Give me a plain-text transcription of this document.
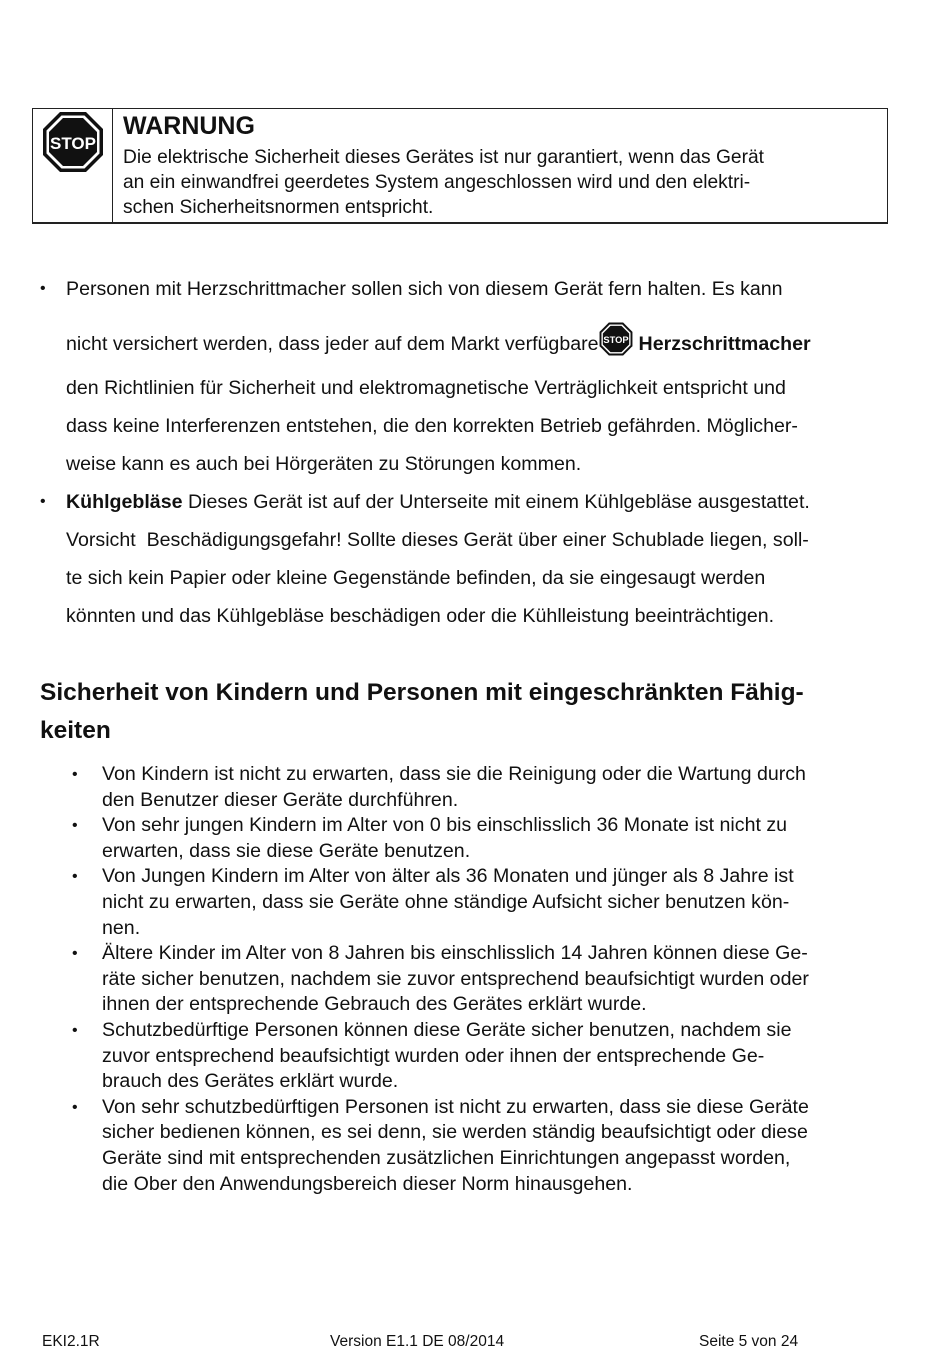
STOP

WARNUNG

Die elektrische Sicherheit dieses Gerätes ist nur garantiert, wenn das Gerät
an ein einwandfrei geerdetes System angeschlossen wird und den elektri-
schen Sicherheitsnormen entspricht.

• Personen mit Herzschrittmacher sollen sich von diesem Gerät fern halten. Es kann
nicht versichert werden, dass jeder auf dem Markt verfügbare STOP Herzschrittmacher
den Richtlinien für Sicherheit und elektromagnetische Verträglichkeit entspricht und
dass keine Interferenzen entstehen, die den korrekten Betrieb gefährden. Möglicher-
weise kann es auch bei Hörgeräten zu Störungen kommen.
• Kühlgebläse Dieses Gerät ist auf der Unterseite mit einem Kühlgebläse ausgestattet.
Vorsicht  Beschädigungsgefahr! Sollte dieses Gerät über einer Schublade liegen, soll-
te sich kein Papier oder kleine Gegenstände befinden, da sie eingesaugt werden
könnten und das Kühlgebläse beschädigen oder die Kühlleistung beeinträchtigen.
Sicherheit von Kindern und Personen mit eingeschränkten Fähig-
keiten
• Von Kindern ist nicht zu erwarten, dass sie die Reinigung oder die Wartung durch
den Benutzer dieser Geräte durchführen.
• Von sehr jungen Kindern im Alter von 0 bis einschlisslich 36 Monate ist nicht zu
erwarten, dass sie diese Geräte benutzen.
• Von Jungen Kindern im Alter von älter als 36 Monaten und jünger als 8 Jahre ist
nicht zu erwarten, dass sie Geräte ohne ständige Aufsicht sicher benutzen kön-
nen.
• Ältere Kinder im Alter von 8 Jahren bis einschlisslich 14 Jahren können diese Ge-
räte sicher benutzen, nachdem sie zuvor entsprechend beaufsichtigt wurden oder
ihnen der entsprechende Gebrauch des Gerätes erklärt wurde.
• Schutzbedürftige Personen können diese Geräte sicher benutzen, nachdem sie
zuvor entsprechend beaufsichtigt wurden oder ihnen der entsprechende Ge-
brauch des Gerätes erklärt wurde.
• Von sehr schutzbedürftigen Personen ist nicht zu erwarten, dass sie diese Geräte
sicher bedienen können, es sei denn, sie werden ständig beaufsichtigt oder diese
Geräte sind mit entsprechenden zusätzlichen Einrichtungen angepasst worden,
die Ober den Anwendungsbereich dieser Norm hinausgehen.
EKI2.1R	Version E1.1 DE 08/2014	Seite 5 von 24
